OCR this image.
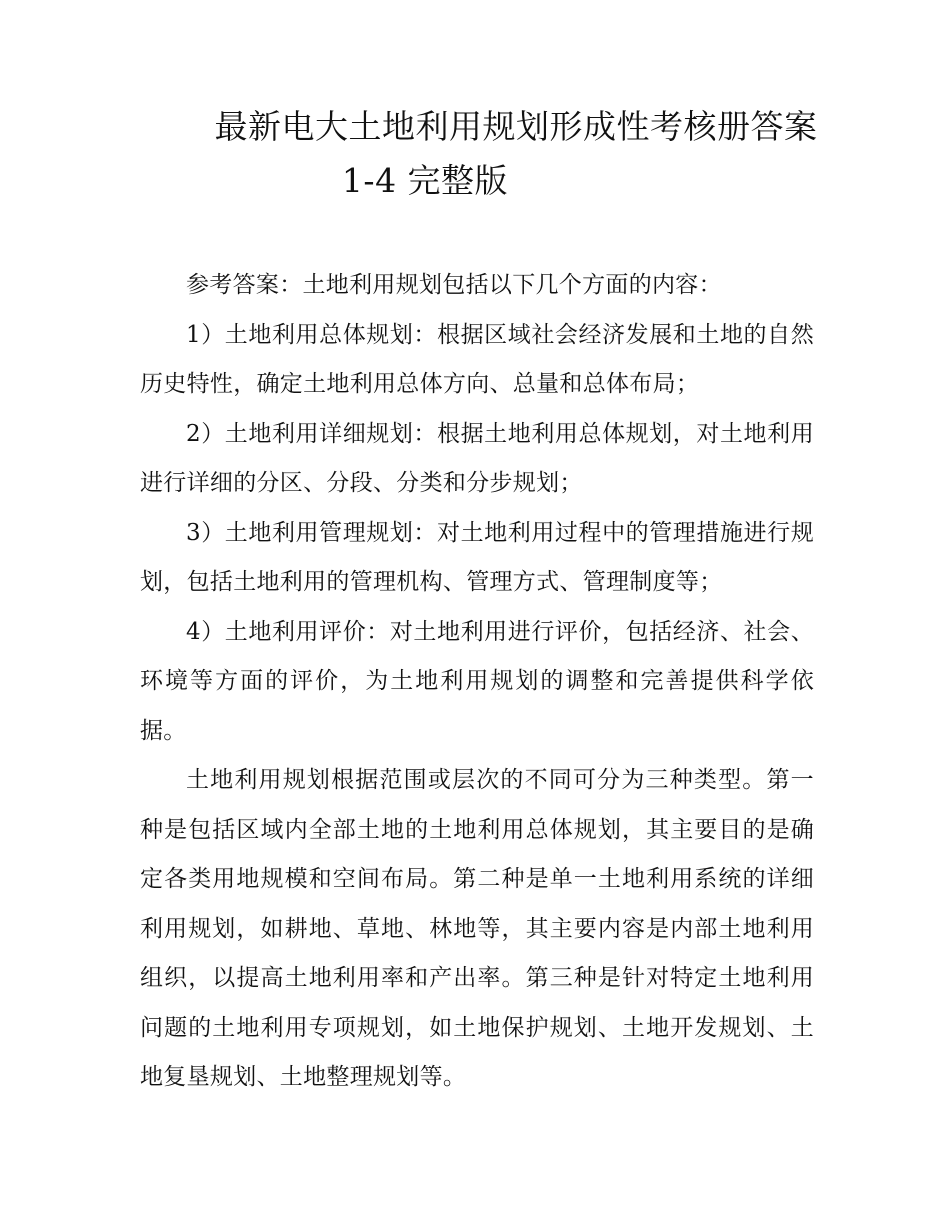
最新电大土地利用规划形成性考核册答案
1-4 完整版

参考答案：土地利用规划包括以下几个方面的内容：

1）土地利用总体规划：根据区域社会经济发展和土地的自然历史特性，确定土地利用总体方向、总量和总体布局；

2）土地利用详细规划：根据土地利用总体规划，对土地利用进行详细的分区、分段、分类和分步规划；

3）土地利用管理规划：对土地利用过程中的管理措施进行规划，包括土地利用的管理机构、管理方式、管理制度等；

4）土地利用评价：对土地利用进行评价，包括经济、社会、环境等方面的评价，为土地利用规划的调整和完善提供科学依据。

土地利用规划根据范围或层次的不同可分为三种类型。第一种是包括区域内全部土地的土地利用总体规划，其主要目的是确定各类用地规模和空间布局。第二种是单一土地利用系统的详细利用规划，如耕地、草地、林地等，其主要内容是内部土地利用组织，以提高土地利用率和产出率。第三种是针对特定土地利用问题的土地利用专项规划，如土地保护规划、土地开发规划、土地复垦规划、土地整理规划等。
